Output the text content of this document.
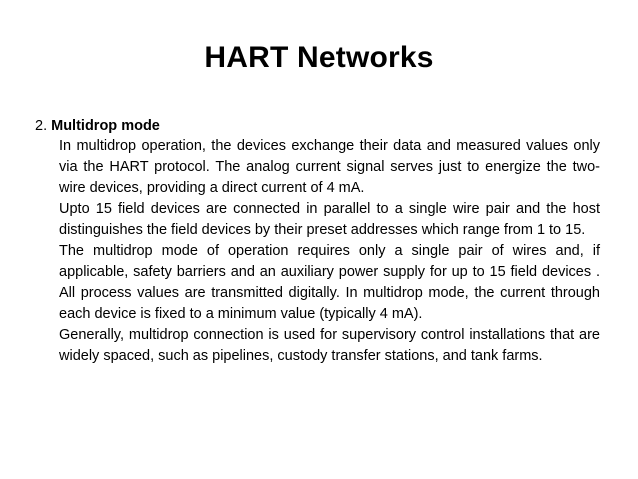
HART Networks
2. Multidrop mode

In multidrop operation, the devices exchange their data and measured values only via the HART protocol. The analog current signal serves just to energize the two-wire devices, providing a direct current of 4 mA.

Upto 15 field devices are connected in parallel to a single wire pair and the host distinguishes the field devices by their preset addresses which range from 1 to 15.

The multidrop mode of operation requires only a single pair of wires and, if applicable, safety barriers and an auxiliary power supply for up to 15 field devices . All process values are transmitted digitally. In multidrop mode, the current through each device is fixed to a minimum value (typically 4 mA).

Generally, multidrop connection is used for supervisory control installations that are widely spaced, such as pipelines, custody transfer stations, and tank farms.
